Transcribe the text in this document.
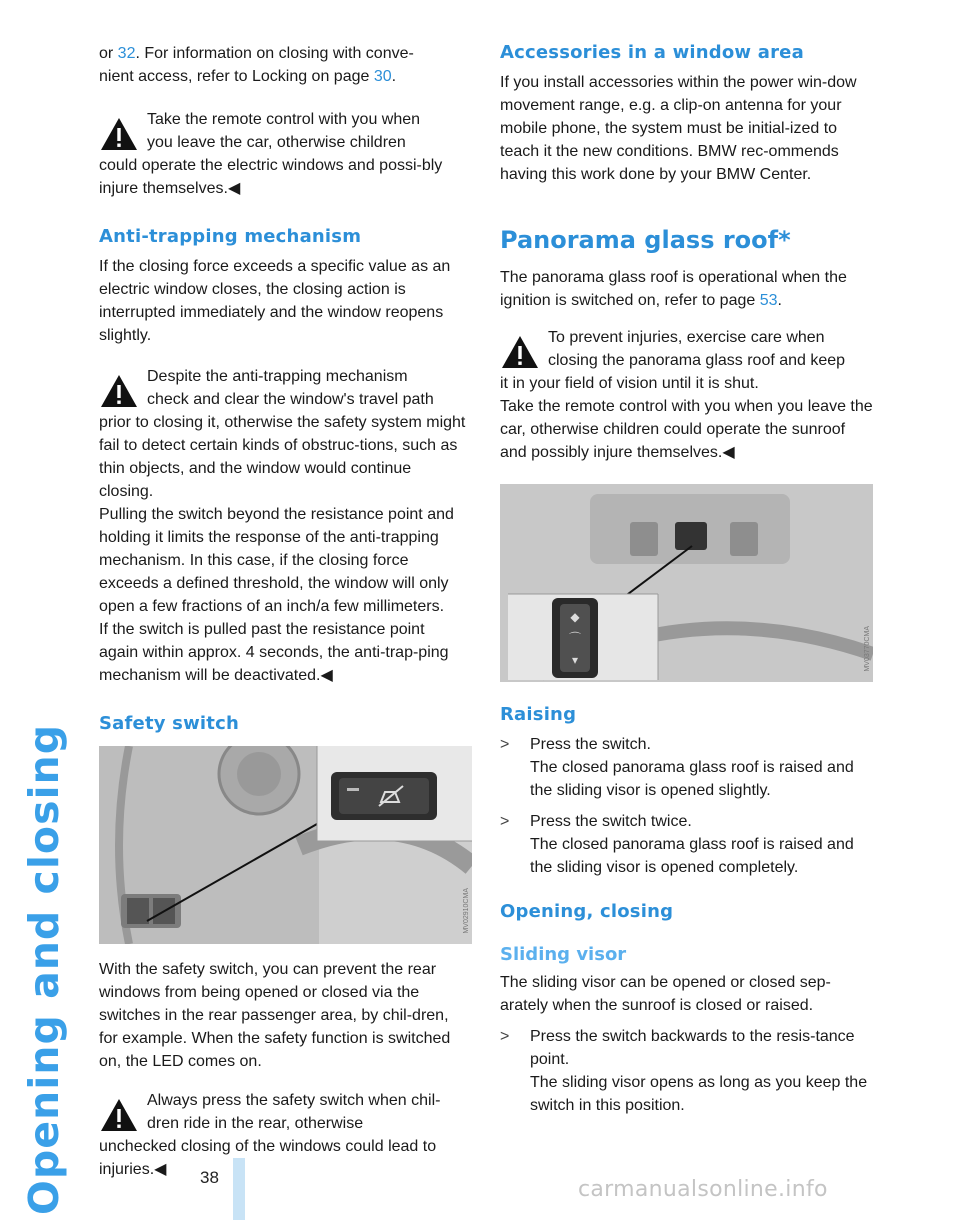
Opening and closing

or 32. For information on closing with conve-
nient access, refer to Locking on page 30.

Take the remote control with you when
you leave the car, otherwise children
could operate the electric windows and possi-bly injure themselves.◀

Anti-trapping mechanism

If the closing force exceeds a specific value as an electric window closes, the closing action is interrupted immediately and the window reopens slightly.

Despite the anti-trapping mechanism
check and clear the window's travel path
prior to closing it, otherwise the safety system might fail to detect certain kinds of obstruc-tions, such as thin objects, and the window would continue closing.

Pulling the switch beyond the resistance point and holding it limits the response of the anti-trapping mechanism. In this case, if the closing force exceeds a defined threshold, the window will only open a few fractions of an inch/a few millimeters.

If the switch is pulled past the resistance point again within approx. 4 seconds, the anti-trap-ping mechanism will be deactivated.◀

Safety switch
MV02910CMA

With the safety switch, you can prevent the rear windows from being opened or closed via the switches in the rear passenger area, by chil-dren, for example. When the safety function is switched on, the LED comes on.

Always press the safety switch when chil-
dren ride in the rear, otherwise
unchecked closing of the windows could lead to injuries.◀

Accessories in a window area

If you install accessories within the power win-dow movement range, e.g. a clip-on antenna for your mobile phone, the system must be initial-ized to teach it the new conditions. BMW rec-ommends having this work done by your BMW Center.

Panorama glass roof*

The panorama glass roof is operational when the ignition is switched on, refer to page 53.

To prevent injuries, exercise care when
closing the panorama glass roof and keep
it in your field of vision until it is shut.

Take the remote control with you when you leave the car, otherwise children could operate the sunroof and possibly injure themselves.◀

◆
⌒
▾	MV03770CMA
Raising
> Press the switch.
The closed panorama glass roof is raised and the sliding visor is opened slightly.
> Press the switch twice.
The closed panorama glass roof is raised and the sliding visor is opened completely.
Opening, closing
Sliding visor

The sliding visor can be opened or closed sep-arately when the sunroof is closed or raised.

> Press the switch backwards to the resis-tance point.
The sliding visor opens as long as you keep the switch in this position.
38	carmanualsonline.info
